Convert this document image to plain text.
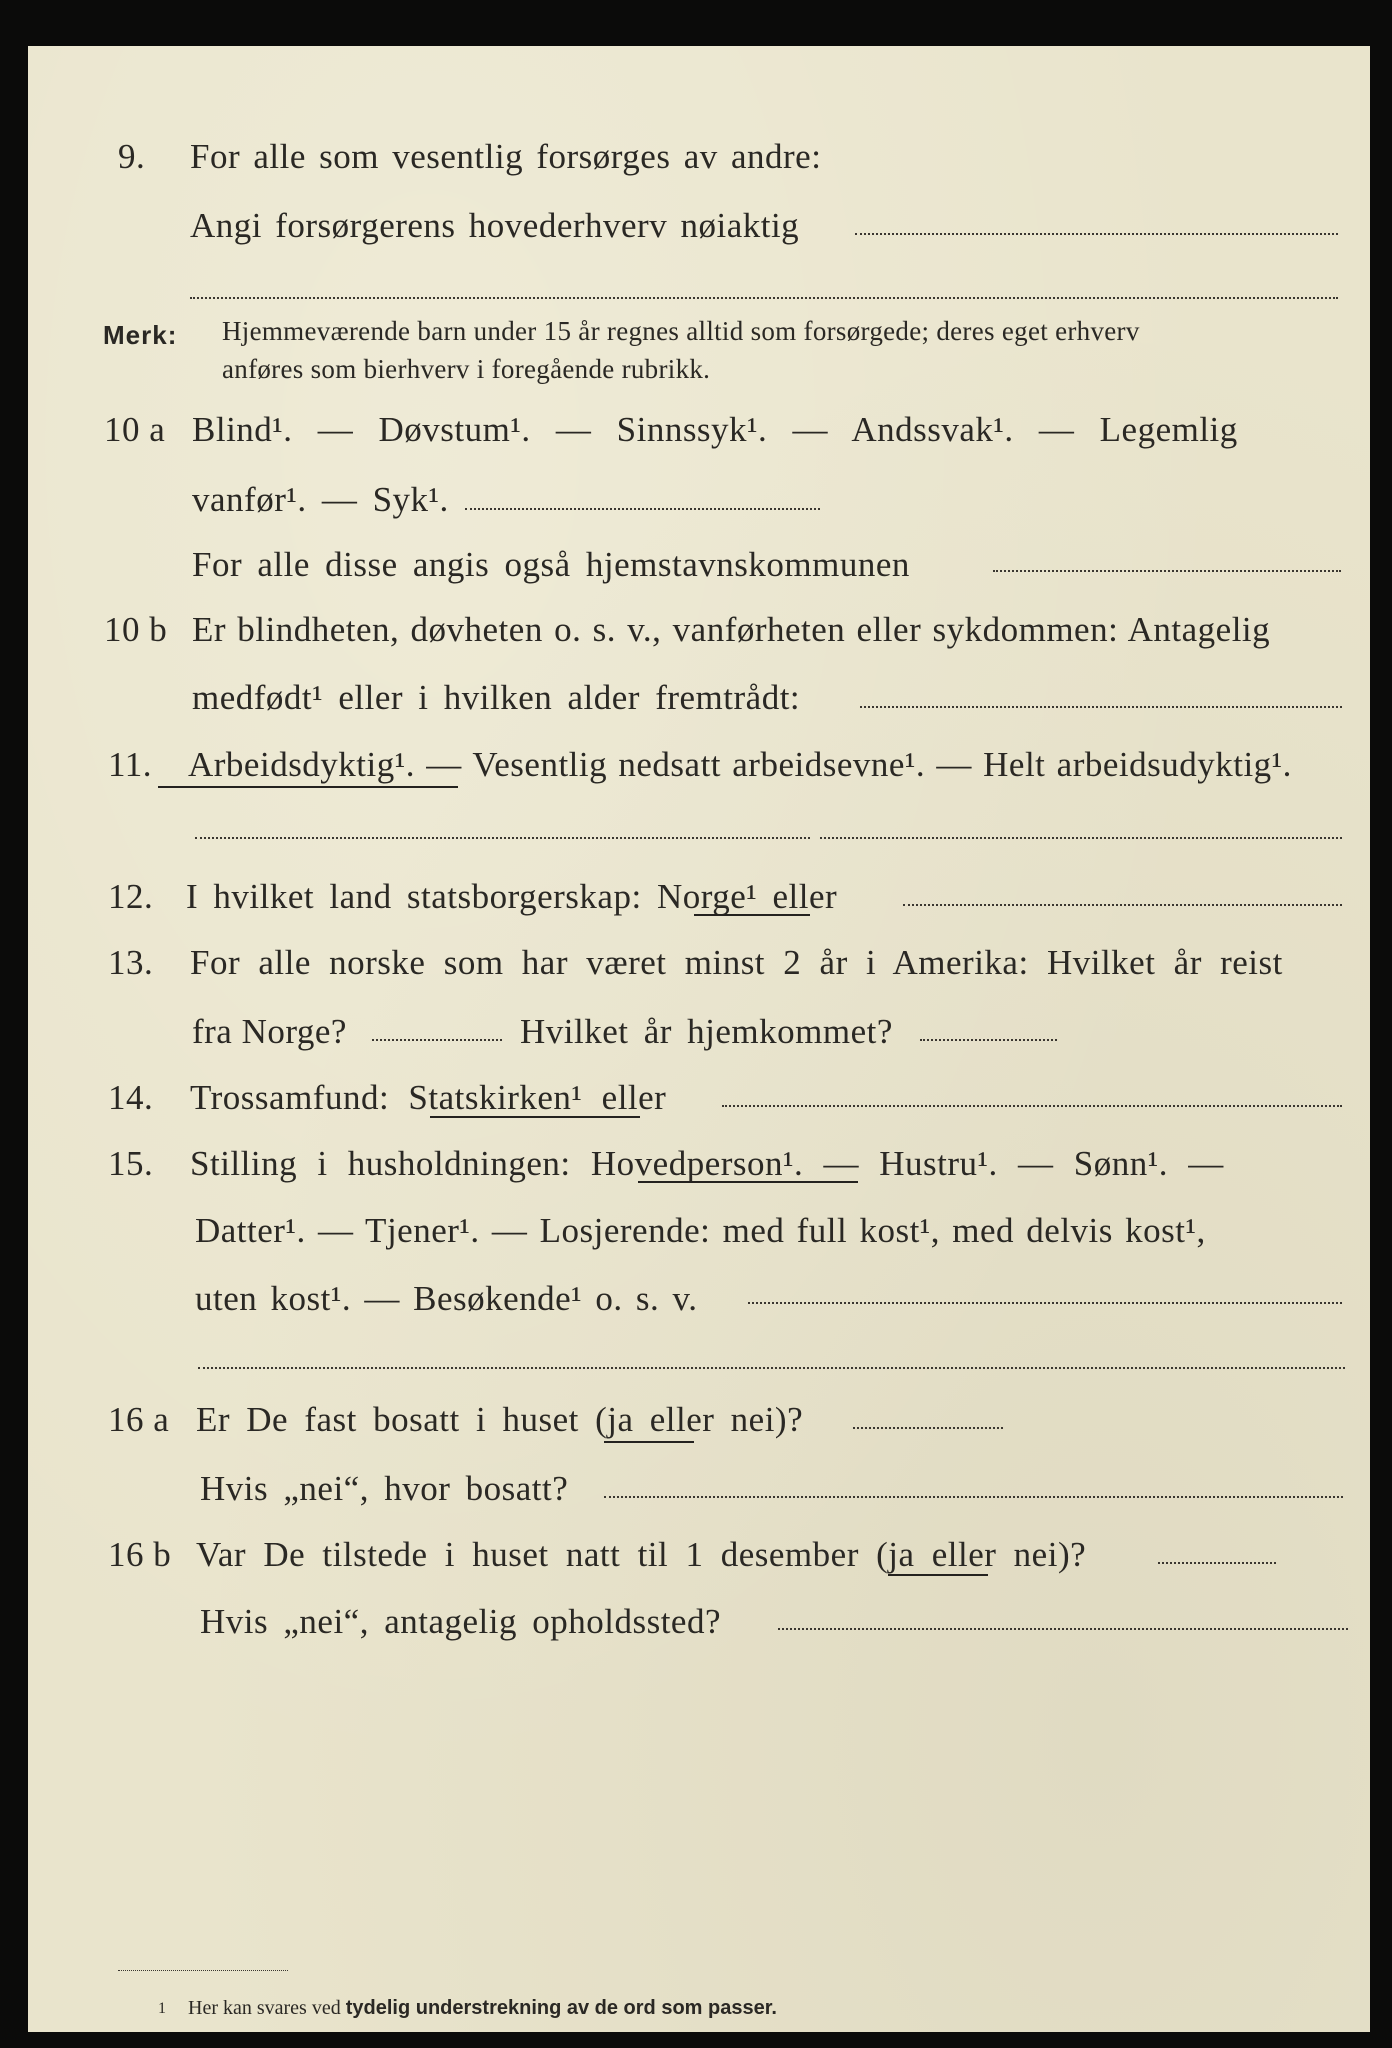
9. For alle som vesentlig forsørges av andre:
Angi forsørgerens hovederhverv nøiaktig
Merk: Hjemmeværende barn under 15 år regnes alltid som forsørgede; deres eget erhverv
anføres som bierhverv i foregående rubrikk.
10 a Blind¹. — Døvstum¹. — Sinnssyk¹. — Andssvak¹. — Legemlig
vanfør¹. — Syk¹.
For alle disse angis også hjemstavnskommunen
10 b Er blindheten, døvheten o. s. v., vanførheten eller sykdommen: Antagelig
medfødt¹ eller i hvilken alder fremtrådt:
11. Arbeidsdyktig¹. — Vesentlig nedsatt arbeidsevne¹. — Helt arbeidsudyktig¹.
12. I hvilket land statsborgerskap: Norge¹ eller
13. For alle norske som har været minst 2 år i Amerika: Hvilket år reist
fra Norge?	Hvilket år hjemkommet?
14. Trossamfund: Statskirken¹ eller
15. Stilling i husholdningen: Hovedperson¹. — Hustru¹. — Sønn¹. —
Datter¹. — Tjener¹. — Losjerende: med full kost¹, med delvis kost¹,
uten kost¹. — Besøkende¹ o. s. v.
16 a Er De fast bosatt i huset (ja eller nei)?
Hvis „nei“, hvor bosatt?
16 b Var De tilstede i huset natt til 1 desember (ja eller nei)?
Hvis „nei“, antagelig opholdssted?
1 Her kan svares ved tydelig understrekning av de ord som passer.
